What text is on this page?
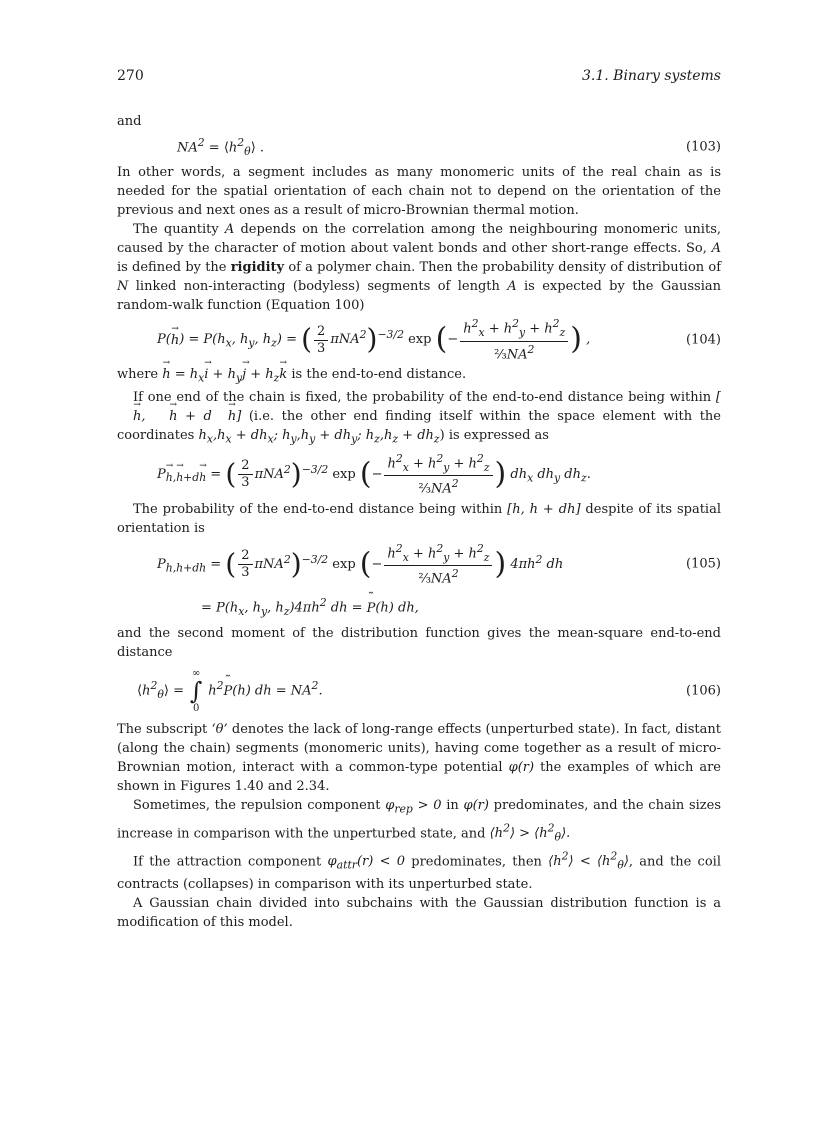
270	3.1. Binary systems

and

$NA^2$ = $⟨h^2_\theta⟩$ .	(103)

In other words, a segment includes as many monomeric units of the real chain as is needed for the spatial orientation of each chain not to depend on the orientation of the previous and next ones as a result of micro-Brownian thermal motion.

The quantity A depends on the correlation among the neighbouring monomeric units, caused by the character of motion about valent bonds and other short-range effects. So, A is defined by the rigidity of a polymer chain. Then the probability density of distribution of N linked non-interacting (bodyless) segments of length A is expected by the Gaussian random-walk function (Equation 100)

$P(\to h) = P(h_x$, $h_y$, $h_z$) = ( $\frac{2}{3} \pi NA^2)^{-3/2}$ exp (− $\frac{h^2_x + h^2_y + h^2_z}{\frac{2}{3}NA^2}$ ) ,	(104)

where → $h = h_x\to i + h_y\to j + h_z\to k$ is the end-to-end distance.

If one end of the chain is fixed, the probability of the end-to-end distance being within [→ h, → h + d→ h] (i.e. the other end finding itself within the space element with the coordinates $h_x,h_x + dh_x$; $h_y,h_y + dh_y$; $h_z,h_z + dh_z$) is expressed as

P→ $_{h,\to h+d\to h}$ = ( $\frac{2}{3} \pi NA^2)^{-3/2}$ exp (− $\frac{h^2_x + h^2_y + h^2_z}{\frac{2}{3}NA^2}$ ) $dh_x$ $dh_y$ $dh_z$.

The probability of the end-to-end distance being within [h, h + dh] despite of its spatial orientation is

$P_{h,h+dh}$ = ( $\frac{2}{3} \pi NA^2)^{-3/2}$ exp (− $\frac{h^2_x + h^2_y + h^2_z}{\frac{2}{3}NA^2}$ ) $4\pi h^2$ dh	(105)
= $P(h_x$, $h_y$, $h_z)4\pi h^2$ dh = ˜ P(h) dh,

and the second moment of the distribution function gives the mean-square end-to-end distance

$⟨h^2_\theta⟩$ =
∞
∫
0
$h^2˜$ P(h) dh = $NA^2$.	(106)

The subscript ‘θ’ denotes the lack of long-range effects (unperturbed state). In fact, distant (along the chain) segments (monomeric units), having come together as a result of micro-Brownian motion, interact with a common-type potential φ(r) the examples of which are shown in Figures 1.40 and 2.34.

Sometimes, the repulsion component $\varphi_{rep} > 0$ in φ(r) predominates, and the chain sizes increase in comparison with the unperturbed state, and $⟨h^2⟩$ > $⟨h^2_\theta⟩$.

If the attraction component $\varphi_{attr}(r) < 0$ predominates, then $⟨h^2⟩$ < $⟨h^2_\theta⟩$, and the coil contracts (collapses) in comparison with its unperturbed state.

A Gaussian chain divided into subchains with the Gaussian distribution function is a modification of this model.
